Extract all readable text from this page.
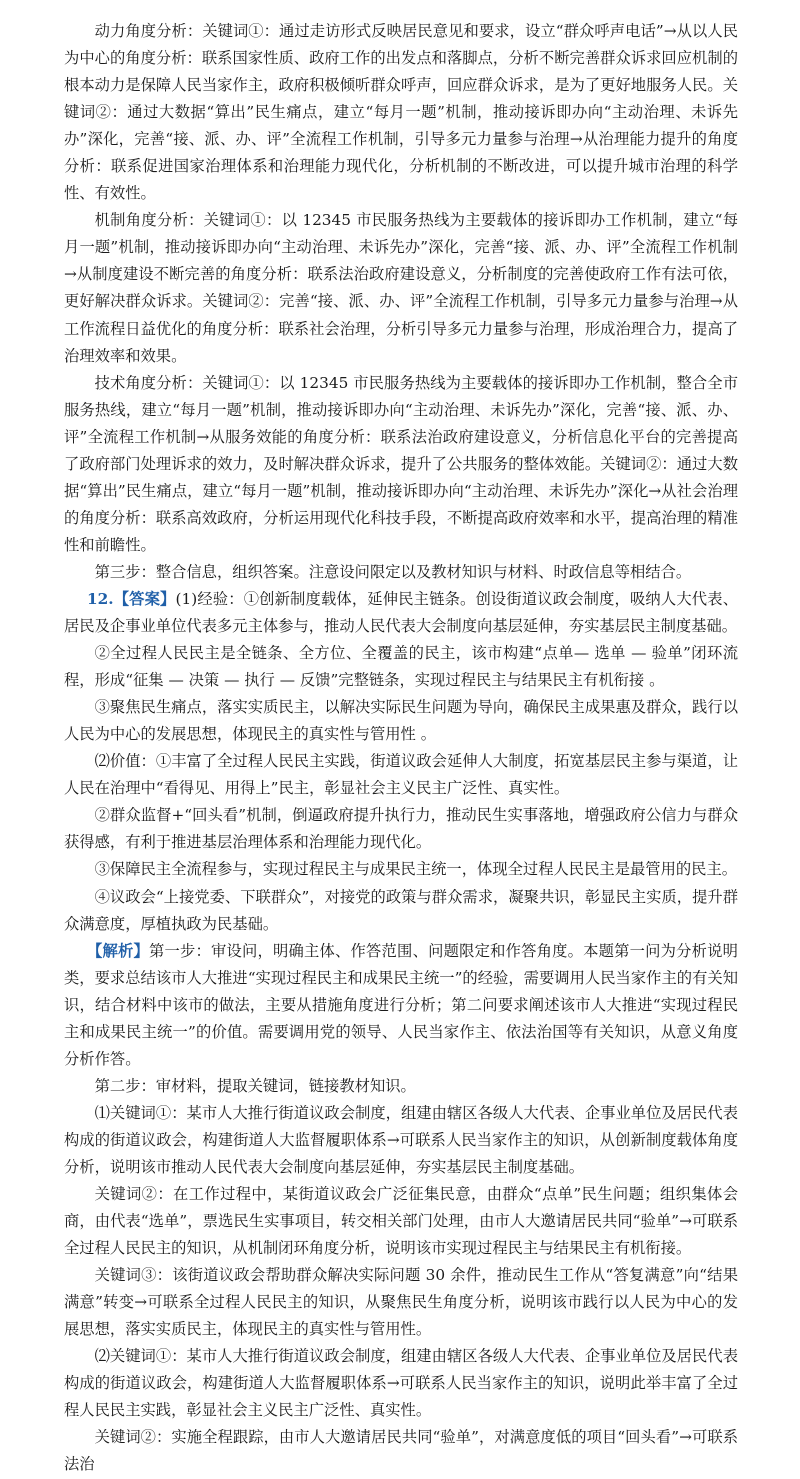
动力角度分析：关键词①：通过走访形式反映居民意见和要求，设立“群众呼声电话”→从以人民为中心的角度分析：联系国家性质、政府工作的出发点和落脚点，分析不断完善群众诉求回应机制的根本动力是保障人民当家作主，政府积极倾听群众呼声，回应群众诉求，是为了更好地服务人民。关键词②：通过大数据“算出”民生痛点，建立“每月一题”机制，推动接诉即办向“主动治理、未诉先办”深化，完善“接、派、办、评”全流程工作机制，引导多元力量参与治理→从治理能力提升的角度分析：联系促进国家治理体系和治理能力现代化，分析机制的不断改进，可以提升城市治理的科学性、有效性。

机制角度分析：关键词①：以 12345 市民服务热线为主要载体的接诉即办工作机制，建立“每月一题”机制，推动接诉即办向“主动治理、未诉先办”深化，完善“接、派、办、评”全流程工作机制→从制度建设不断完善的角度分析：联系法治政府建设意义，分析制度的完善使政府工作有法可依，更好解决群众诉求。关键词②：完善“接、派、办、评”全流程工作机制，引导多元力量参与治理→从工作流程日益优化的角度分析：联系社会治理，分析引导多元力量参与治理，形成治理合力，提高了治理效率和效果。

技术角度分析：关键词①：以 12345 市民服务热线为主要载体的接诉即办工作机制，整合全市服务热线，建立“每月一题”机制，推动接诉即办向“主动治理、未诉先办”深化，完善“接、派、办、评”全流程工作机制→从服务效能的角度分析：联系法治政府建设意义，分析信息化平台的完善提高了政府部门处理诉求的效力，及时解决群众诉求，提升了公共服务的整体效能。关键词②：通过大数据“算出”民生痛点，建立“每月一题”机制，推动接诉即办向“主动治理、未诉先办”深化→从社会治理的角度分析：联系高效政府，分析运用现代化科技手段，不断提高政府效率和水平，提高治理的精准性和前瞻性。

第三步：整合信息，组织答案。注意设问限定以及教材知识与材料、时政信息等相结合。

12.【答案】(1)经验：①创新制度载体，延伸民主链条。创设街道议政会制度，吸纳人大代表、居民及企事业单位代表多元主体参与，推动人民代表大会制度向基层延伸，夯实基层民主制度基础。

②全过程人民民主是全链条、全方位、全覆盖的民主，该市构建“点单— 选单 — 验单”闭环流程，形成“征集 — 决策 — 执行 — 反馈”完整链条，实现过程民主与结果民主有机衔接 。

③聚焦民生痛点，落实实质民主，以解决实际民生问题为导向，确保民主成果惠及群众，践行以人民为中心的发展思想，体现民主的真实性与管用性 。

⑵价值：①丰富了全过程人民民主实践，街道议政会延伸人大制度，拓宽基层民主参与渠道，让人民在治理中“看得见、用得上”民主，彰显社会主义民主广泛性、真实性。

②群众监督+“回头看”机制，倒逼政府提升执行力，推动民生实事落地，增强政府公信力与群众获得感，有利于推进基层治理体系和治理能力现代化。

③保障民主全流程参与，实现过程民主与成果民主统一，体现全过程人民民主是最管用的民主。

④议政会“上接党委、下联群众”，对接党的政策与群众需求，凝聚共识，彰显民主实质，提升群众满意度，厚植执政为民基础。

【解析】第一步：审设问，明确主体、作答范围、问题限定和作答角度。本题第一问为分析说明类，要求总结该市人大推进“实现过程民主和成果民主统一”的经验，需要调用人民当家作主的有关知识，结合材料中该市的做法，主要从措施角度进行分析；第二问要求阐述该市人大推进“实现过程民主和成果民主统一”的价值。需要调用党的领导、人民当家作主、依法治国等有关知识，从意义角度分析作答。

第二步：审材料，提取关键词，链接教材知识。

⑴关键词①：某市人大推行街道议政会制度，组建由辖区各级人大代表、企事业单位及居民代表构成的街道议政会，构建街道人大监督履职体系→可联系人民当家作主的知识，从创新制度载体角度分析，说明该市推动人民代表大会制度向基层延伸，夯实基层民主制度基础。

关键词②：在工作过程中，某街道议政会广泛征集民意，由群众“点单”民生问题；组织集体会商，由代表“选单”，票选民生实事项目，转交相关部门处理，由市人大邀请居民共同“验单”→可联系全过程人民民主的知识，从机制闭环角度分析，说明该市实现过程民主与结果民主有机衔接。

关键词③：该街道议政会帮助群众解决实际问题 30 余件，推动民生工作从“答复满意”向“结果满意”转变→可联系全过程人民民主的知识，从聚焦民生角度分析，说明该市践行以人民为中心的发展思想，落实实质民主，体现民主的真实性与管用性。

⑵关键词①：某市人大推行街道议政会制度，组建由辖区各级人大代表、企事业单位及居民代表构成的街道议政会，构建街道人大监督履职体系→可联系人民当家作主的知识，说明此举丰富了全过程人民民主实践，彰显社会主义民主广泛性、真实性。

关键词②：实施全程跟踪，由市人大邀请居民共同“验单”，对满意度低的项目“回头看”→可联系法治
